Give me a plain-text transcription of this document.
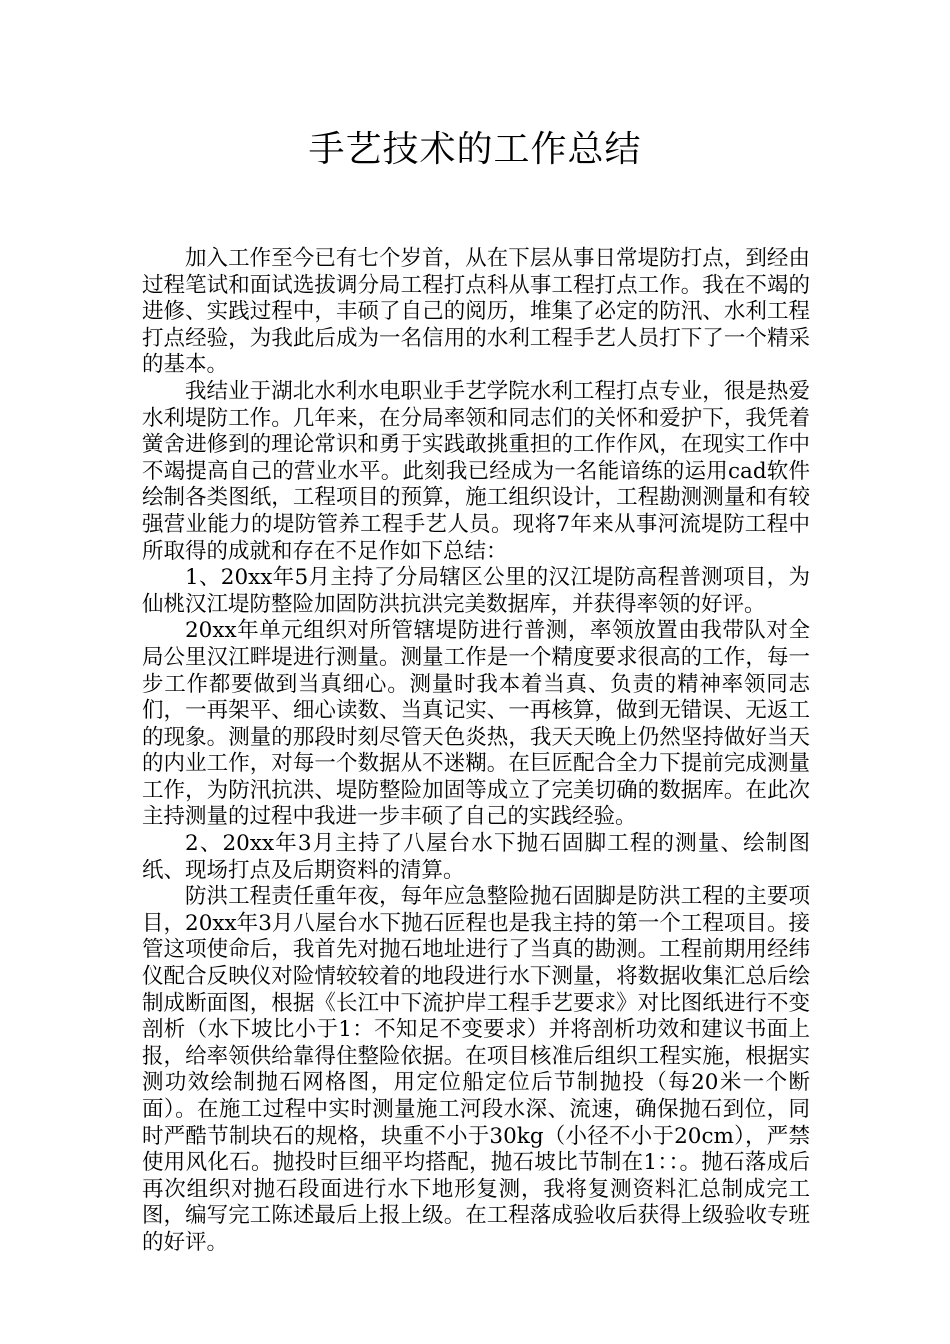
手艺技术的工作总结

加入工作至今已有七个岁首，从在下层从事日常堤防打点，到经由过程笔试和面试选拔调分局工程打点科从事工程打点工作。我在不竭的进修、实践过程中，丰硕了自己的阅历，堆集了必定的防汛、水利工程打点经验，为我此后成为一名信用的水利工程手艺人员打下了一个精采的基本。

我结业于湖北水利水电职业手艺学院水利工程打点专业，很是热爱水利堤防工作。几年来，在分局率领和同志们的关怀和爱护下，我凭着黉舍进修到的理论常识和勇于实践敢挑重担的工作作风，在现实工作中不竭提高自己的营业水平。此刻我已经成为一名能谙练的运用cad软件绘制各类图纸，工程项目的预算，施工组织设计，工程勘测测量和有较强营业能力的堤防管养工程手艺人员。现将7年来从事河流堤防工程中所取得的成就和存在不足作如下总结：

1、20xx年5月主持了分局辖区公里的汉江堤防高程普测项目，为仙桃汉江堤防整险加固防洪抗洪完美数据库，并获得率领的好评。

20xx年单元组织对所管辖堤防进行普测，率领放置由我带队对全局公里汉江畔堤进行测量。测量工作是一个精度要求很高的工作，每一步工作都要做到当真细心。测量时我本着当真、负责的精神率领同志们，一再架平、细心读数、当真记实、一再核算，做到无错误、无返工的现象。测量的那段时刻尽管天色炎热，我天天晚上仍然坚持做好当天的内业工作，对每一个数据从不迷糊。在巨匠配合全力下提前完成测量工作，为防汛抗洪、堤防整险加固等成立了完美切确的数据库。在此次主持测量的过程中我进一步丰硕了自己的实践经验。

2、20xx年3月主持了八屋台水下抛石固脚工程的测量、绘制图纸、现场打点及后期资料的清算。

防洪工程责任重年夜，每年应急整险抛石固脚是防洪工程的主要项目，20xx年3月八屋台水下抛石匠程也是我主持的第一个工程项目。接管这项使命后，我首先对抛石地址进行了当真的勘测。工程前期用经纬仪配合反映仪对险情较较着的地段进行水下测量，将数据收集汇总后绘制成断面图，根据《长江中下流护岸工程手艺要求》对比图纸进行不变剖析（水下坡比小于1：不知足不变要求）并将剖析功效和建议书面上报，给率领供给靠得住整险依据。在项目核准后组织工程实施，根据实测功效绘制抛石网格图，用定位船定位后节制抛投（每20米一个断面）。在施工过程中实时测量施工河段水深、流速，确保抛石到位，同时严酷节制块石的规格，块重不小于30kg（小径不小于20cm），严禁使用风化石。抛投时巨细平均搭配，抛石坡比节制在1：：。抛石落成后再次组织对抛石段面进行水下地形复测，我将复测资料汇总制成完工图，编写完工陈述最后上报上级。在工程落成验收后获得上级验收专班的好评。
